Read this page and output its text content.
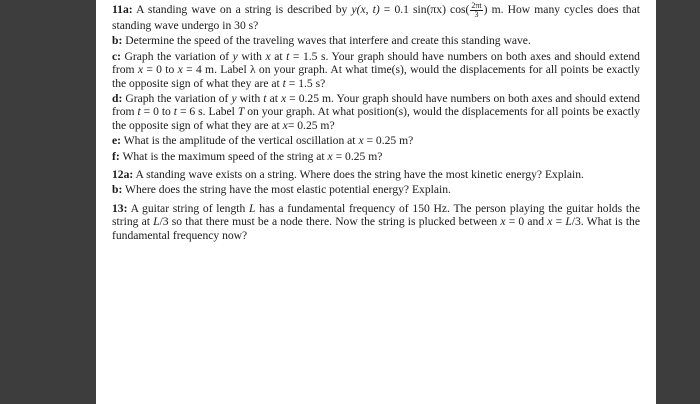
11a: A standing wave on a string is described by y(x, t) = 0.1 sin(πx) $\cos( \frac{2\pi t}{3}$ ) m. How many cycles does that standing wave undergo in 30 s?

b: Determine the speed of the traveling waves that interfere and create this standing wave.

c: Graph the variation of y with x at t = 1.5 s. Your graph should have numbers on both axes and should extend from x = 0 to x = 4 m. Label λ on your graph. At what time(s), would the displacements for all points be exactly the opposite sign of what they are at t = 1.5 s?

d: Graph the variation of y with t at x = 0.25 m. Your graph should have numbers on both axes and should extend from t = 0 to t = 6 s. Label T on your graph. At what position(s), would the displacements for all points be exactly the opposite sign of what they are at x= 0.25 m?

e: What is the amplitude of the vertical oscillation at x = 0.25 m?

f: What is the maximum speed of the string at x = 0.25 m?

12a: A standing wave exists on a string. Where does the string have the most kinetic energy? Explain.

b: Where does the string have the most elastic potential energy? Explain.

13: A guitar string of length L has a fundamental frequency of 150 Hz. The person playing the guitar holds the string at L/3 so that there must be a node there. Now the string is plucked between x = 0 and x = L/3. What is the fundamental frequency now?
